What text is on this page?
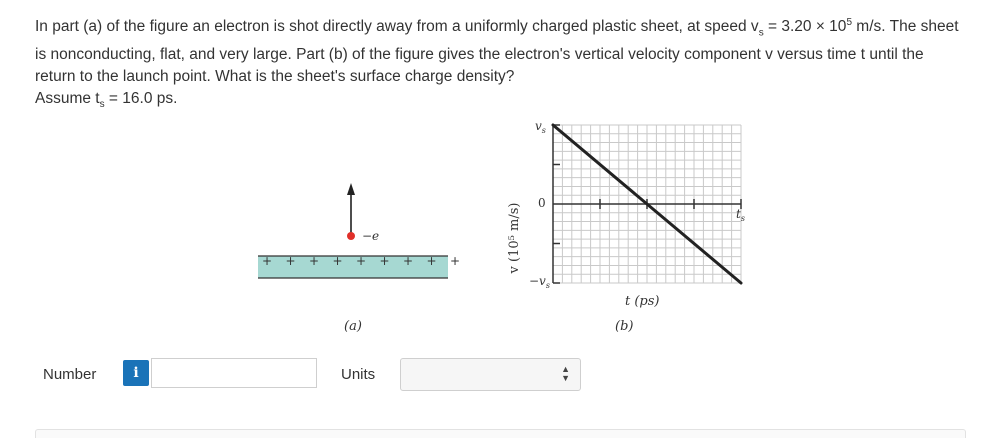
In part (a) of the figure an electron is shot directly away from a uniformly charged plastic sheet, at speed $v_s = 3.20 \times 10^5$ m/s. The sheet

is nonconducting, flat, and very large. Part (b) of the figure gives the electron's vertical velocity component v versus time t until the

return to the launch point. What is the sheet's surface charge density?

Assume $t_s = 16.0$ ps.

+ + + + + + + + +
−e
(a)
v (10⁵ m/s)
$v_s$
0
$-v_s$
$t_s$
t (ps)
(b)
Number	i	Units	▲
▼
